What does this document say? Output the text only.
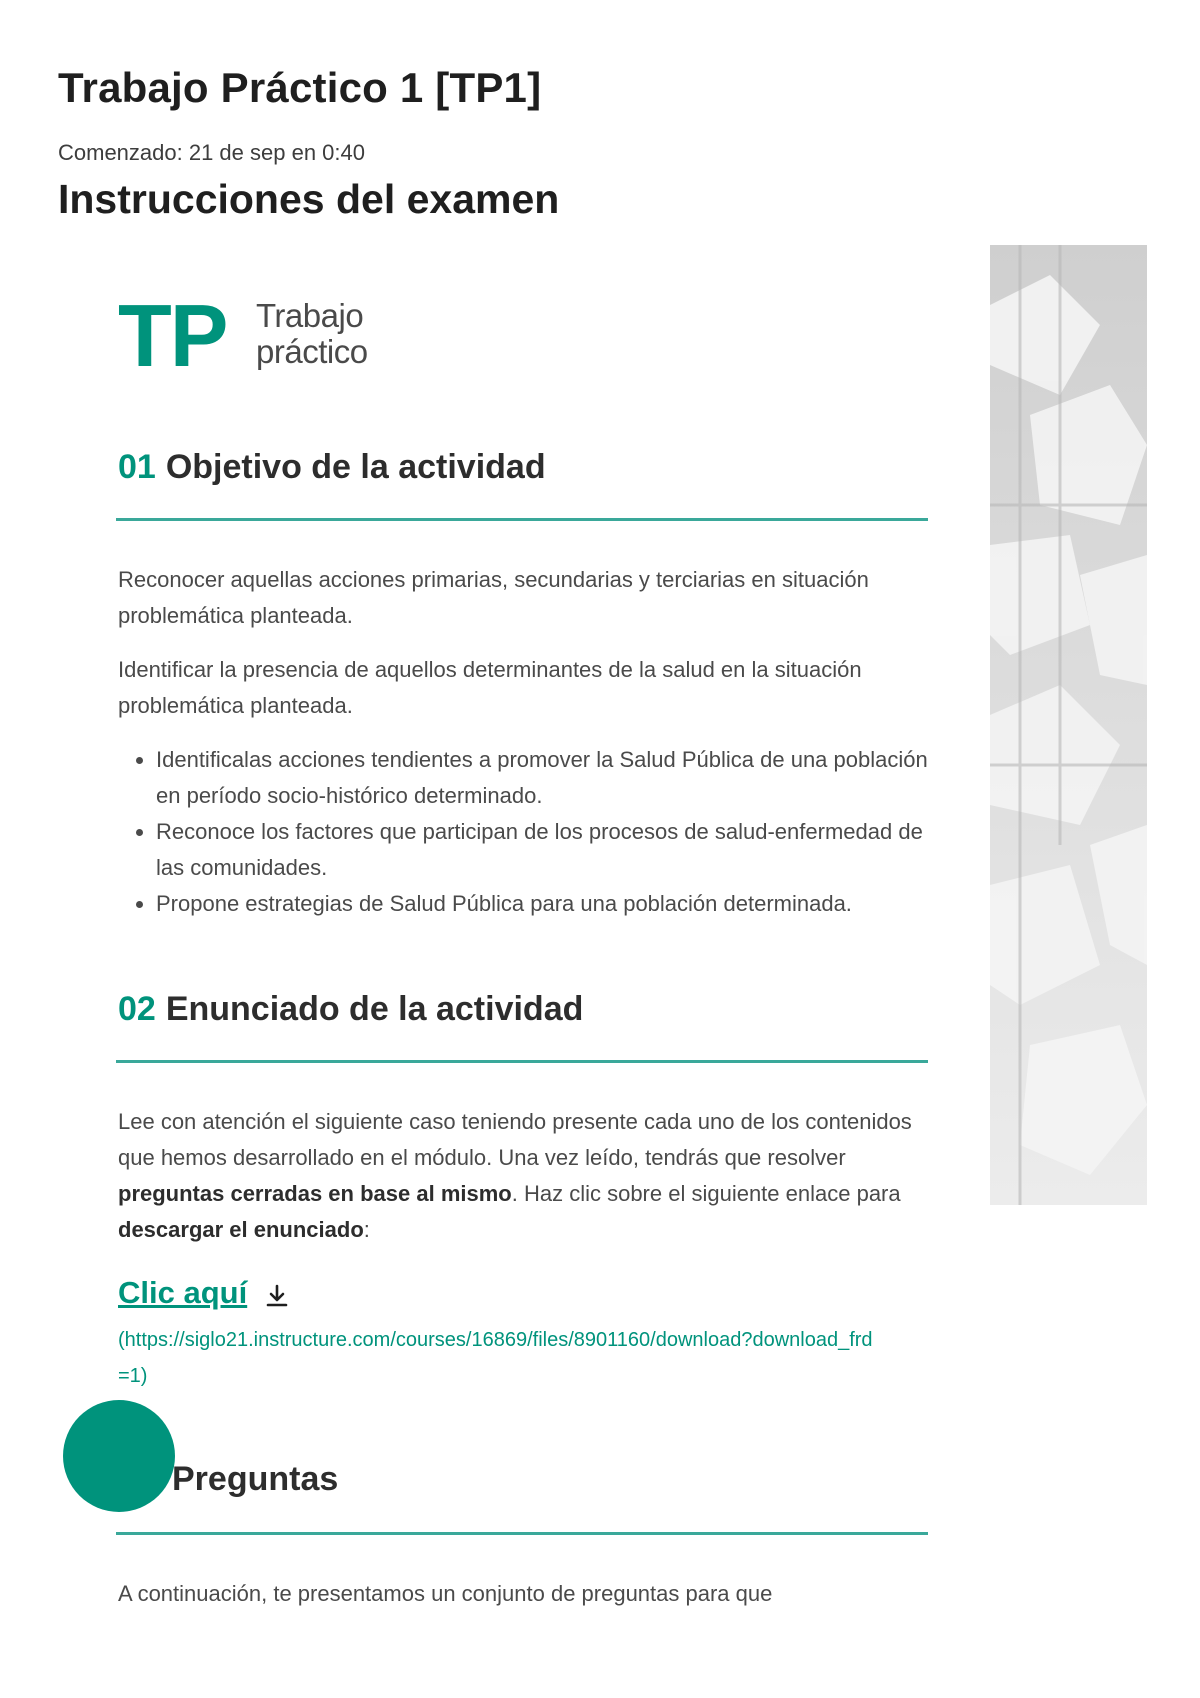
Trabajo Práctico 1 [TP1]
Comenzado: 21 de sep en 0:40
Instrucciones del examen
TP Trabajo
práctico
01 Objetivo de la actividad

Reconocer aquellas acciones primarias, secundarias y terciarias en situación problemática planteada.

Identificar la presencia de aquellos determinantes de la salud en la situación problemática planteada.

• Identificalas acciones tendientes a promover la Salud Pública de una población en período socio-histórico determinado.
• Reconoce los factores que participan de los procesos de salud-enfermedad de las comunidades.
• Propone estrategias de Salud Pública para una población determinada.
02 Enunciado de la actividad

Lee con atención el siguiente caso teniendo presente cada uno de los contenidos que hemos desarrollado en el módulo. Una vez leído, tendrás que resolver preguntas cerradas en base al mismo. Haz clic sobre el siguiente enlace para descargar el enunciado:

Clic aquí

(https://siglo21.instructure.com/courses/16869/files/8901160/download?download_frd=1)

Preguntas

A continuación, te presentamos un conjunto de preguntas para que
